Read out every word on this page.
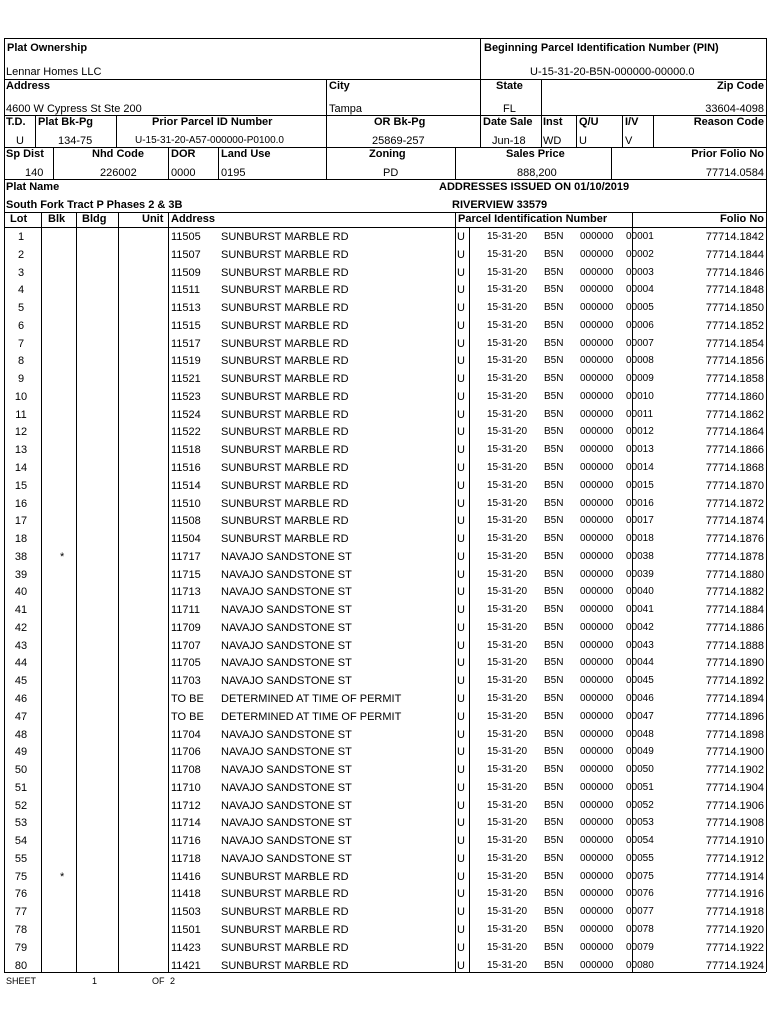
Plat Ownership
Lennar Homes LLC
Beginning Parcel Identification Number (PIN)
U-15-31-20-B5N-000000-00000.0
Address
4600 W Cypress St Ste 200
City
Tampa
State
FL
Zip Code
33604-4098
T.D.
U
Plat Bk-Pg
134-75
Prior Parcel ID Number
U-15-31-20-A57-000000-P0100.0
OR Bk-Pg
25869-257
Date Sale
Jun-18
Inst
WD
Q/U
U
I/V
V
Reason Code
Sp Dist
140
Nhd Code
226002
DOR
0000
Land Use
0195
Zoning
PD
Sales Price
888,200
Prior Folio No
77714.0584
Plat Name
South Fork Tract P Phases 2 & 3B
ADDRESSES ISSUED ON 01/10/2019
RIVERVIEW 33579
Lot Blk Bldg	Unit Address	Parcel Identification Number	Folio No
1	11505	SUNBURST MARBLE RD	U	15-31-20	B5N	000000	00001	77714.1842
2	11507	SUNBURST MARBLE RD	U	15-31-20	B5N	000000	00002	77714.1844
3	11509	SUNBURST MARBLE RD	U	15-31-20	B5N	000000	00003	77714.1846
4	11511	SUNBURST MARBLE RD	U	15-31-20	B5N	000000	00004	77714.1848
5	11513	SUNBURST MARBLE RD	U	15-31-20	B5N	000000	00005	77714.1850
6	11515	SUNBURST MARBLE RD	U	15-31-20	B5N	000000	00006	77714.1852
7	11517	SUNBURST MARBLE RD	U	15-31-20	B5N	000000	00007	77714.1854
8	11519	SUNBURST MARBLE RD	U	15-31-20	B5N	000000	00008	77714.1856
9	11521	SUNBURST MARBLE RD	U	15-31-20	B5N	000000	00009	77714.1858
10	11523	SUNBURST MARBLE RD	U	15-31-20	B5N	000000	00010	77714.1860
11	11524	SUNBURST MARBLE RD	U	15-31-20	B5N	000000	00011	77714.1862
12	11522	SUNBURST MARBLE RD	U	15-31-20	B5N	000000	00012	77714.1864
13	11518	SUNBURST MARBLE RD	U	15-31-20	B5N	000000	00013	77714.1866
14	11516	SUNBURST MARBLE RD	U	15-31-20	B5N	000000	00014	77714.1868
15	11514	SUNBURST MARBLE RD	U	15-31-20	B5N	000000	00015	77714.1870
16	11510	SUNBURST MARBLE RD	U	15-31-20	B5N	000000	00016	77714.1872
17	11508	SUNBURST MARBLE RD	U	15-31-20	B5N	000000	00017	77714.1874
18	11504	SUNBURST MARBLE RD	U	15-31-20	B5N	000000	00018	77714.1876
38	*	11717	NAVAJO SANDSTONE ST	U	15-31-20	B5N	000000	00038	77714.1878
39	11715	NAVAJO SANDSTONE ST	U	15-31-20	B5N	000000	00039	77714.1880
40	11713	NAVAJO SANDSTONE ST	U	15-31-20	B5N	000000	00040	77714.1882
41	11711	NAVAJO SANDSTONE ST	U	15-31-20	B5N	000000	00041	77714.1884
42	11709	NAVAJO SANDSTONE ST	U	15-31-20	B5N	000000	00042	77714.1886
43	11707	NAVAJO SANDSTONE ST	U	15-31-20	B5N	000000	00043	77714.1888
44	11705	NAVAJO SANDSTONE ST	U	15-31-20	B5N	000000	00044	77714.1890
45	11703	NAVAJO SANDSTONE ST	U	15-31-20	B5N	000000	00045	77714.1892
46	TO BE	DETERMINED AT TIME OF PERMIT	U	15-31-20	B5N	000000	00046	77714.1894
47	TO BE	DETERMINED AT TIME OF PERMIT	U	15-31-20	B5N	000000	00047	77714.1896
48	11704	NAVAJO SANDSTONE ST	U	15-31-20	B5N	000000	00048	77714.1898
49	11706	NAVAJO SANDSTONE ST	U	15-31-20	B5N	000000	00049	77714.1900
50	11708	NAVAJO SANDSTONE ST	U	15-31-20	B5N	000000	00050	77714.1902
51	11710	NAVAJO SANDSTONE ST	U	15-31-20	B5N	000000	00051	77714.1904
52	11712	NAVAJO SANDSTONE ST	U	15-31-20	B5N	000000	00052	77714.1906
53	11714	NAVAJO SANDSTONE ST	U	15-31-20	B5N	000000	00053	77714.1908
54	11716	NAVAJO SANDSTONE ST	U	15-31-20	B5N	000000	00054	77714.1910
55	11718	NAVAJO SANDSTONE ST	U	15-31-20	B5N	000000	00055	77714.1912
75	*	11416	SUNBURST MARBLE RD	U	15-31-20	B5N	000000	00075	77714.1914
76	11418	SUNBURST MARBLE RD	U	15-31-20	B5N	000000	00076	77714.1916
77	11503	SUNBURST MARBLE RD	U	15-31-20	B5N	000000	00077	77714.1918
78	11501	SUNBURST MARBLE RD	U	15-31-20	B5N	000000	00078	77714.1920
79	11423	SUNBURST MARBLE RD	U	15-31-20	B5N	000000	00079	77714.1922
80	11421	SUNBURST MARBLE RD	U	15-31-20	B5N	000000	00080	77714.1924
SHEET	1	OF 2
